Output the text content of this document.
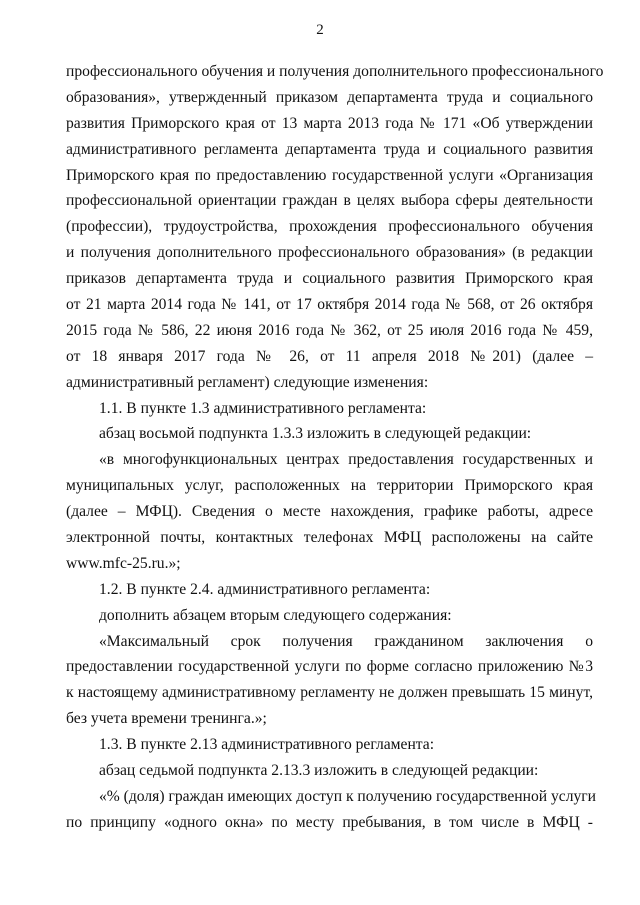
2
профессионального обучения и получения дополнительного профессионального
образования», утвержденный приказом департамента труда и социального
развития Приморского края от 13 марта 2013 года № 171 «Об утверждении
административного регламента департамента труда и социального развития
Приморского края по предоставлению государственной услуги «Организация
профессиональной ориентации граждан в целях выбора сферы деятельности
(профессии), трудоустройства, прохождения профессионального обучения
и получения дополнительного профессионального образования» (в редакции
приказов департамента труда и социального развития Приморского края
от 21 марта 2014 года № 141, от 17 октября 2014 года № 568, от 26 октября
2015 года № 586, 22 июня 2016 года № 362, от 25 июля 2016 года № 459,
от 18 января 2017 года № 26, от 11 апреля 2018 №201) (далее –
административный регламент) следующие изменения:
1.1. В пункте 1.3 административного регламента:
абзац восьмой подпункта 1.3.3 изложить в следующей редакции:
«в многофункциональных центрах предоставления государственных и
муниципальных услуг, расположенных на территории Приморского края
(далее – МФЦ). Сведения о месте нахождения, графике работы, адресе
электронной почты, контактных телефонах МФЦ расположены на сайте
www.mfc-25.ru.»;
1.2. В пункте 2.4. административного регламента:
дополнить абзацем вторым следующего содержания:
«Максимальный срок получения гражданином заключения о
предоставлении государственной услуги по форме согласно приложению №3
к настоящему административному регламенту не должен превышать 15 минут,
без учета времени тренинга.»;
1.3. В пункте 2.13 административного регламента:
абзац седьмой подпункта 2.13.3 изложить в следующей редакции:
«% (доля) граждан имеющих доступ к получению государственной услуги
по принципу «одного окна» по месту пребывания, в том числе в МФЦ -
